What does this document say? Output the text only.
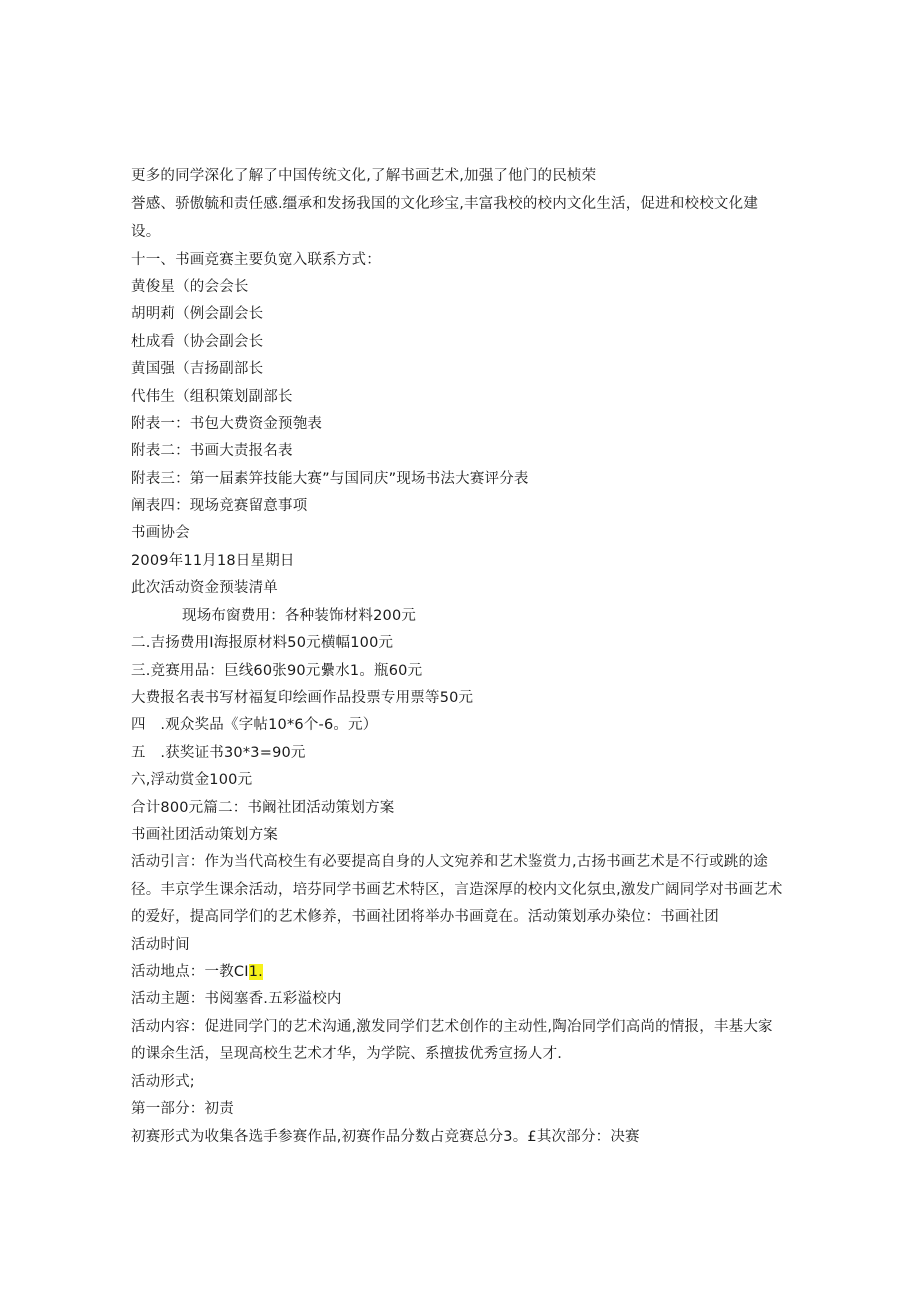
更多的同学深化了解了中国传统文化,了解书画艺术,加强了他门的民桢荣
誉感、骄傲毓和责任感.缰承和发扬我国的文化珍宝,丰富我校的校内文化生活，促进和校校文化建
设。
十一、书画竞赛主要负宽入联系方式：
黄俊星（的会会长
胡明莉（例会副会长
杜成看（协会副会长
黄国强（吉扬副部长
代伟生（组积策划副部长
附表一：书包大费资金预匏表
附表二：书画大责报名表
附表三：第一届素笄技能大赛”与国同庆”现场书法大赛评分表
阐表四：现场竞赛留意事项
书画协会
2009年11月18日星期日
此次活动资金预装清单
现场布窗费用：各种装饰材料200元
二.吉扬费用I海报原材料50元横幅100元
三.竞赛用品：巨线60张90元纍水1。瓶60元
大费报名表书写材福复印绘画作品投票专用票等50元
四　.观众奖品《字帖10*6个-6。元）
五　.获奖证书30*3=90元
六,浮动赏金100元
合计800元篇二：书阚社团活动策划方案
书画社团活动策划方案
活动引言：作为当代高校生有必要提高自身的人文宛养和艺术鉴赏力,古扬书画艺术是不行或跳的途
径。丰京学生课余活动，培芬同学书画艺术特区，言造深厚的校内文化氛虫,激发广阔同学对书画艺术
的爱好，提高同学们的艺术修养，书画社团将举办书画竟在。活动策划承办染位：书画社团
活动时间
活动地点：一教CI1.
活动主题：书阅塞香.五彩溢校内
活动内容：促进同学门的艺术沟通,激发同学们艺术创作的主动性,陶冶同学们高尚的情报，丰基大家
的课余生活，呈现高校生艺术才华，为学院、系擅拔优秀宣扬人才.
活动形式;
第一部分：初责
初赛形式为收集各选手参赛作品,初赛作品分数占竞赛总分3。£其次部分：决赛
